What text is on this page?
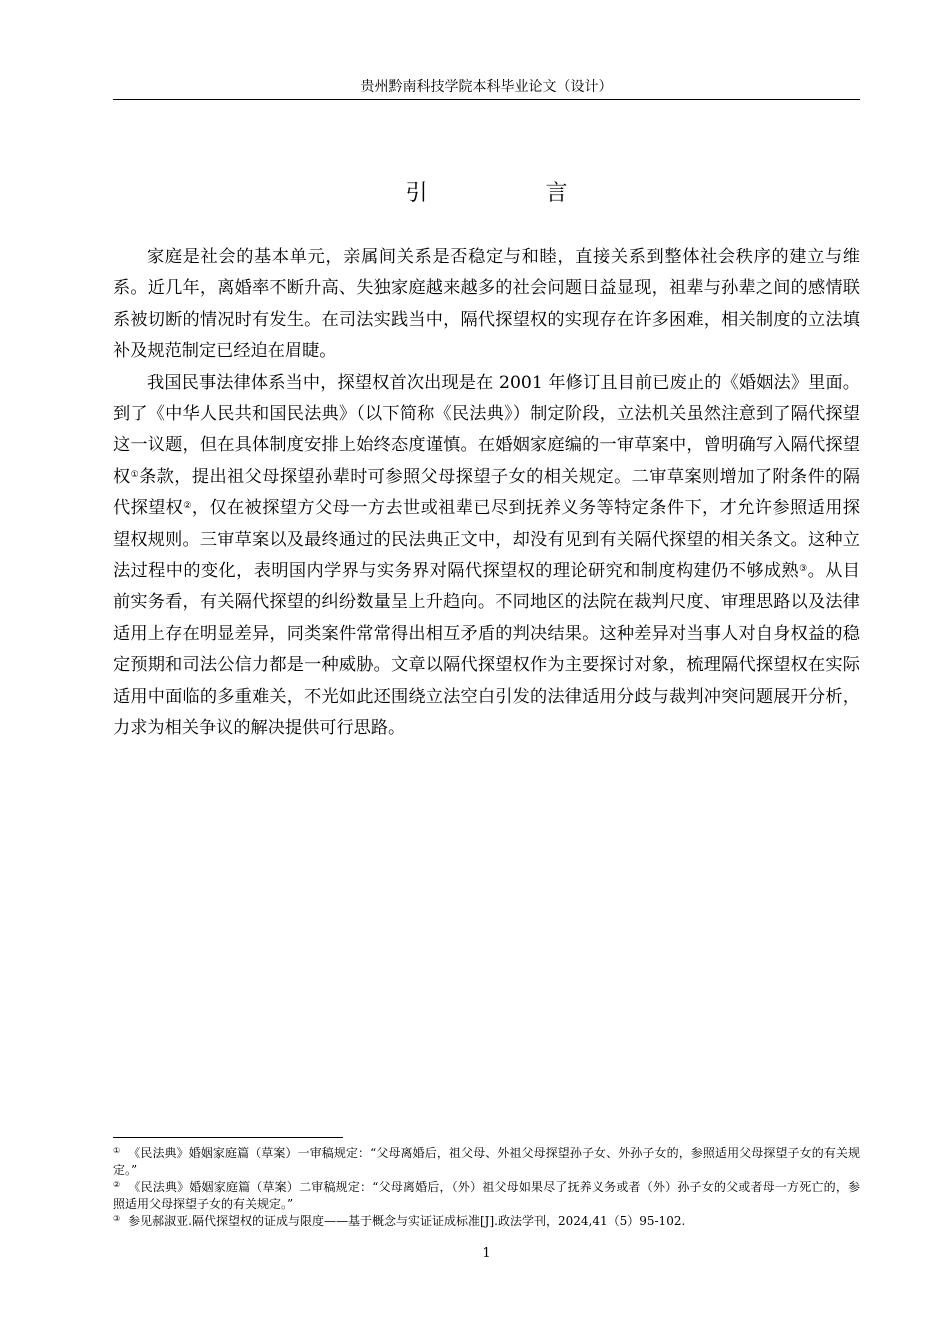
贵州黔南科技学院本科毕业论文（设计）
引　言

家庭是社会的基本单元，亲属间关系是否稳定与和睦，直接关系到整体社会秩序的建立与维系。近几年，离婚率不断升高、失独家庭越来越多的社会问题日益显现，祖辈与孙辈之间的感情联系被切断的情况时有发生。在司法实践当中，隔代探望权的实现存在许多困难，相关制度的立法填补及规范制定已经迫在眉睫。

我国民事法律体系当中，探望权首次出现是在 2001 年修订且目前已废止的《婚姻法》里面。到了《中华人民共和国民法典》（以下简称《民法典》）制定阶段，立法机关虽然注意到了隔代探望这一议题，但在具体制度安排上始终态度谨慎。在婚姻家庭编的一审草案中，曾明确写入隔代探望权①条款，提出祖父母探望孙辈时可参照父母探望子女的相关规定。二审草案则增加了附条件的隔代探望权②，仅在被探望方父母一方去世或祖辈已尽到抚养义务等特定条件下，才允许参照适用探望权规则。三审草案以及最终通过的民法典正文中，却没有见到有关隔代探望的相关条文。这种立法过程中的变化，表明国内学界与实务界对隔代探望权的理论研究和制度构建仍不够成熟③。从目前实务看，有关隔代探望的纠纷数量呈上升趋向。不同地区的法院在裁判尺度、审理思路以及法律适用上存在明显差异，同类案件常常得出相互矛盾的判决结果。这种差异对当事人对自身权益的稳定预期和司法公信力都是一种威胁。文章以隔代探望权作为主要探讨对象，梳理隔代探望权在实际适用中面临的多重难关，不光如此还围绕立法空白引发的法律适用分歧与裁判冲突问题展开分析，力求为相关争议的解决提供可行思路。

① 《民法典》婚姻家庭篇（草案）一审稿规定：“父母离婚后，祖父母、外祖父母探望孙子女、外孙子女的，参照适用父母探望子女的有关规定。”

② 《民法典》婚姻家庭篇（草案）二审稿规定：“父母离婚后，（外）祖父母如果尽了抚养义务或者（外）孙子女的父或者母一方死亡的，参照适用父母探望子女的有关规定。”

③ 参见郝淑亚.隔代探望权的证成与限度——基于概念与实证证成标准[J].政法学刊，2024,41（5）95-102.

1
